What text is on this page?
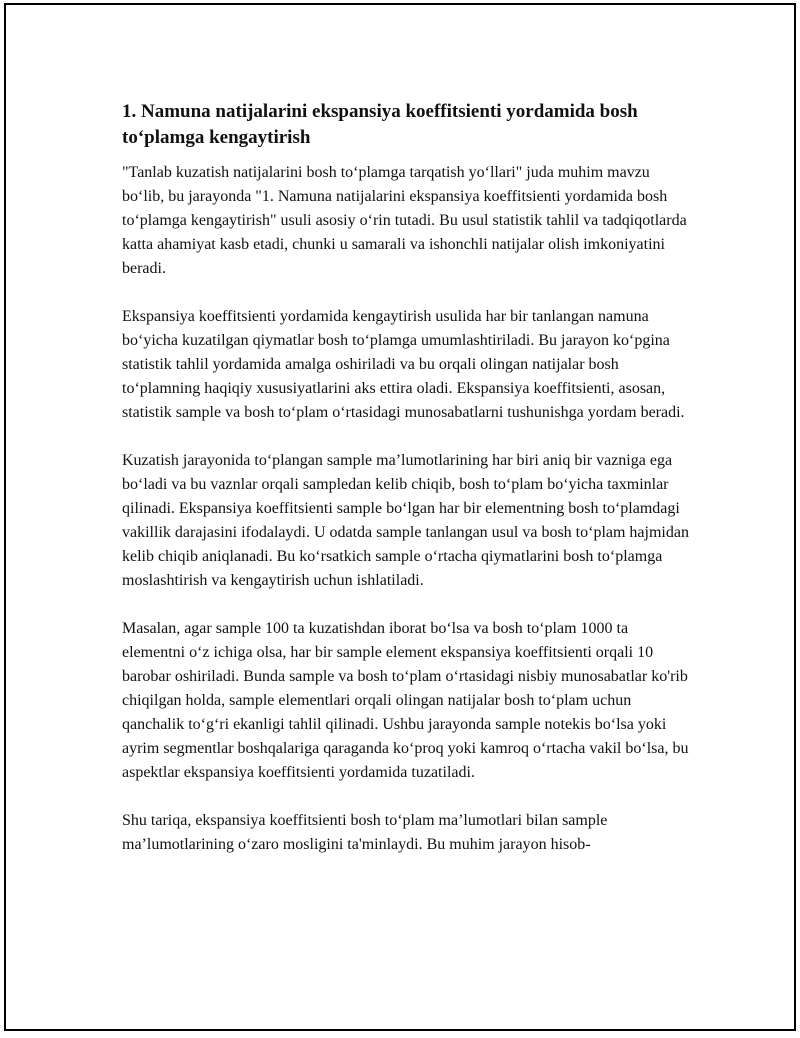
1. Namuna natijalarini ekspansiya koeffitsienti yordamida bosh to‘plamga kengaytirish

"Tanlab kuzatish natijalarini bosh to‘plamga tarqatish yo‘llari" juda muhim mavzu bo‘lib, bu jarayonda "1. Namuna natijalarini ekspansiya koeffitsienti yordamida bosh to‘plamga kengaytirish" usuli asosiy o‘rin tutadi. Bu usul statistik tahlil va tadqiqotlarda katta ahamiyat kasb etadi, chunki u samarali va ishonchli natijalar olish imkoniyatini beradi.

Ekspansiya koeffitsienti yordamida kengaytirish usulida har bir tanlangan namuna bo‘yicha kuzatilgan qiymatlar bosh to‘plamga umumlashtiriladi. Bu jarayon ko‘pgina statistik tahlil yordamida amalga oshiriladi va bu orqali olingan natijalar bosh to‘plamning haqiqiy xususiyatlarini aks ettira oladi. Ekspansiya koeffitsienti, asosan, statistik sample va bosh to‘plam o‘rtasidagi munosabatlarni tushunishga yordam beradi.

Kuzatish jarayonida to‘plangan sample ma’lumotlarining har biri aniq bir vazniga ega bo‘ladi va bu vaznlar orqali sampledan kelib chiqib, bosh to‘plam bo‘yicha taxminlar qilinadi. Ekspansiya koeffitsienti sample bo‘lgan har bir elementning bosh to‘plamdagi vakillik darajasini ifodalaydi. U odatda sample tanlangan usul va bosh to‘plam hajmidan kelib chiqib aniqlanadi. Bu ko‘rsatkich sample o‘rtacha qiymatlarini bosh to‘plamga moslashtirish va kengaytirish uchun ishlatiladi.

Masalan, agar sample 100 ta kuzatishdan iborat bo‘lsa va bosh to‘plam 1000 ta elementni o‘z ichiga olsa, har bir sample element ekspansiya koeffitsienti orqali 10 barobar oshiriladi. Bunda sample va bosh to‘plam o‘rtasidagi nisbiy munosabatlar ko'rib chiqilgan holda, sample elementlari orqali olingan natijalar bosh to‘plam uchun qanchalik to‘g‘ri ekanligi tahlil qilinadi. Ushbu jarayonda sample notekis bo‘lsa yoki ayrim segmentlar boshqalariga qaraganda ko‘proq yoki kamroq o‘rtacha vakil bo‘lsa, bu aspektlar ekspansiya koeffitsienti yordamida tuzatiladi.

Shu tariqa, ekspansiya koeffitsienti bosh to‘plam ma’lumotlari bilan sample ma’lumotlarining o‘zaro mosligini ta'minlaydi. Bu muhim jarayon hisob-
